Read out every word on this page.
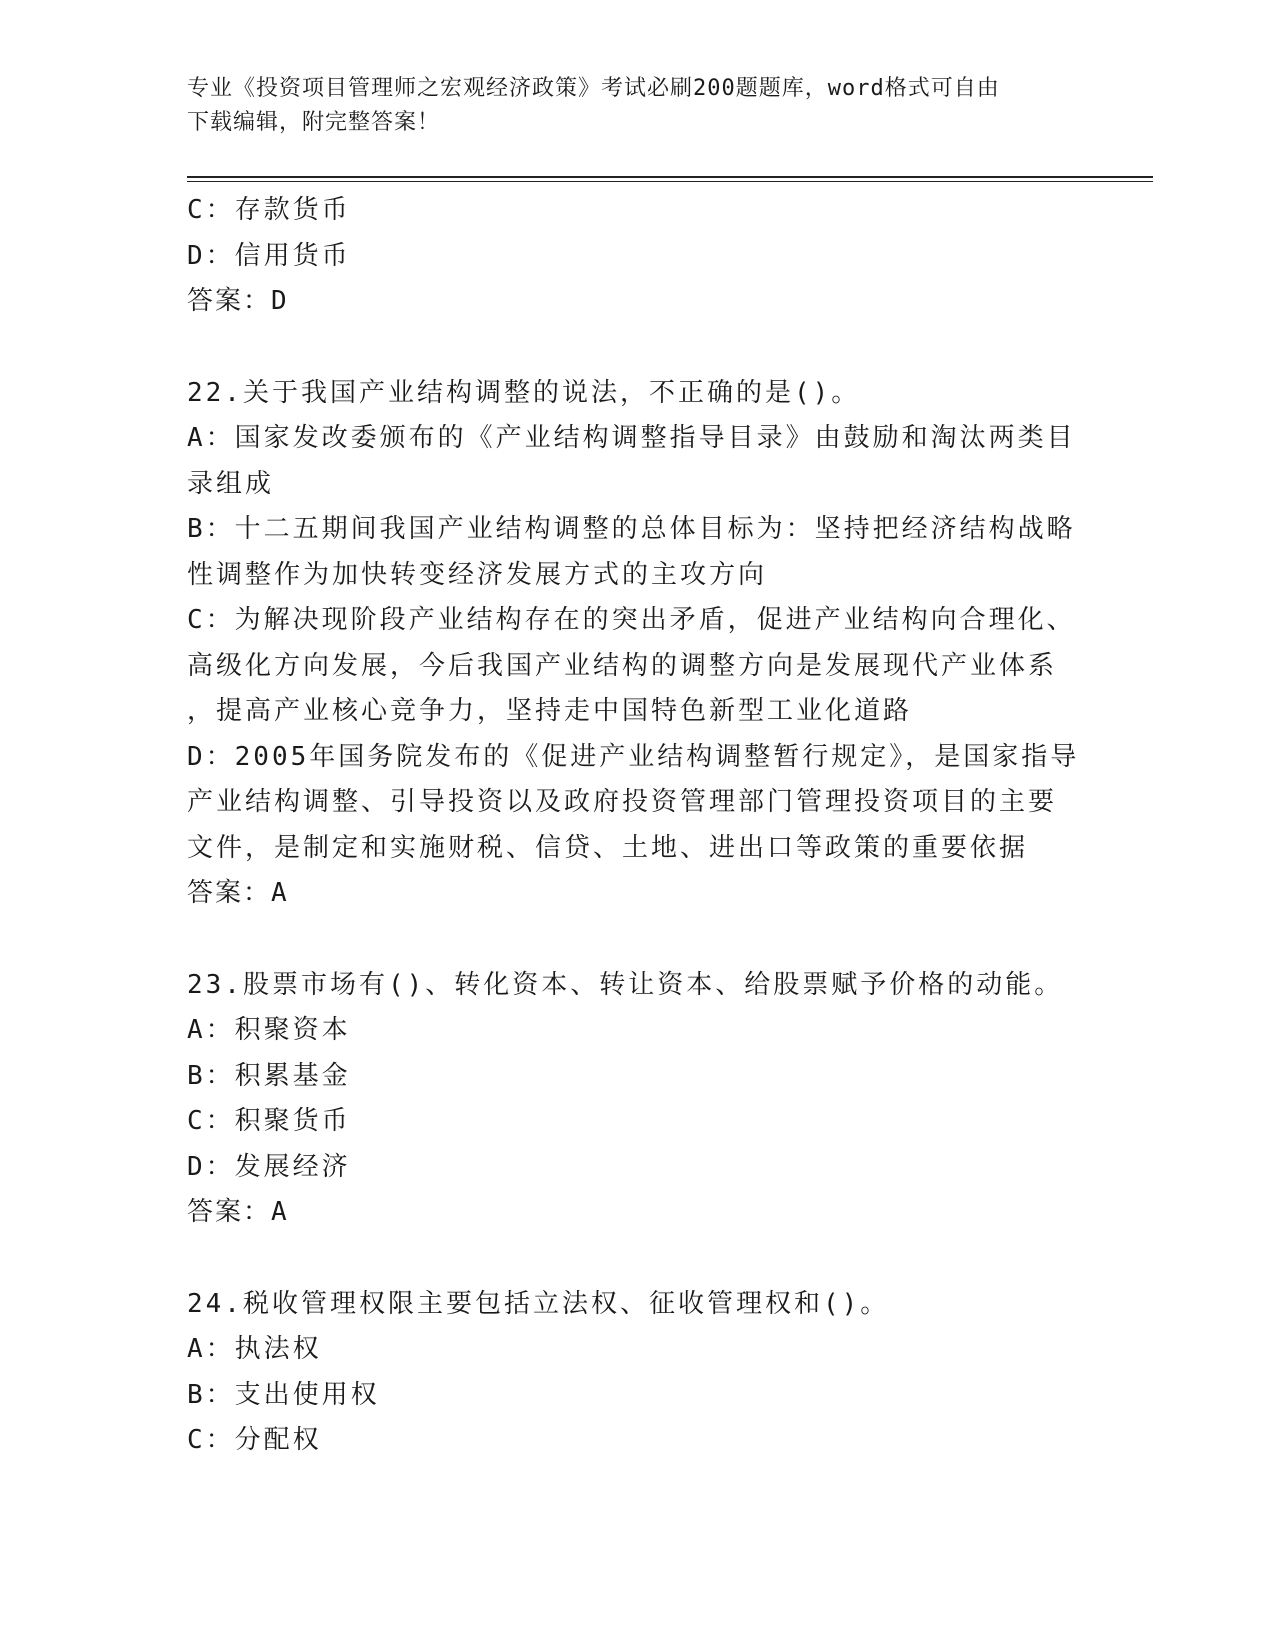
专业《投资项目管理师之宏观经济政策》考试必刷200题题库，word格式可自由
下载编辑，附完整答案！
C：存款货币
D：信用货币
答案：D
22.关于我国产业结构调整的说法，不正确的是()。
A：国家发改委颁布的《产业结构调整指导目录》由鼓励和淘汰两类目
录组成
B：十二五期间我国产业结构调整的总体目标为：坚持把经济结构战略
性调整作为加快转变经济发展方式的主攻方向
C：为解决现阶段产业结构存在的突出矛盾，促进产业结构向合理化、
高级化方向发展，今后我国产业结构的调整方向是发展现代产业体系
，提高产业核心竞争力，坚持走中国特色新型工业化道路
D：2005年国务院发布的《促进产业结构调整暂行规定》，是国家指导
产业结构调整、引导投资以及政府投资管理部门管理投资项目的主要
文件，是制定和实施财税、信贷、土地、进出口等政策的重要依据
答案：A
23.股票市场有()、转化资本、转让资本、给股票赋予价格的动能。
A：积聚资本
B：积累基金
C：积聚货币
D：发展经济
答案：A
24.税收管理权限主要包括立法权、征收管理权和()。
A：执法权
B：支出使用权
C：分配权
